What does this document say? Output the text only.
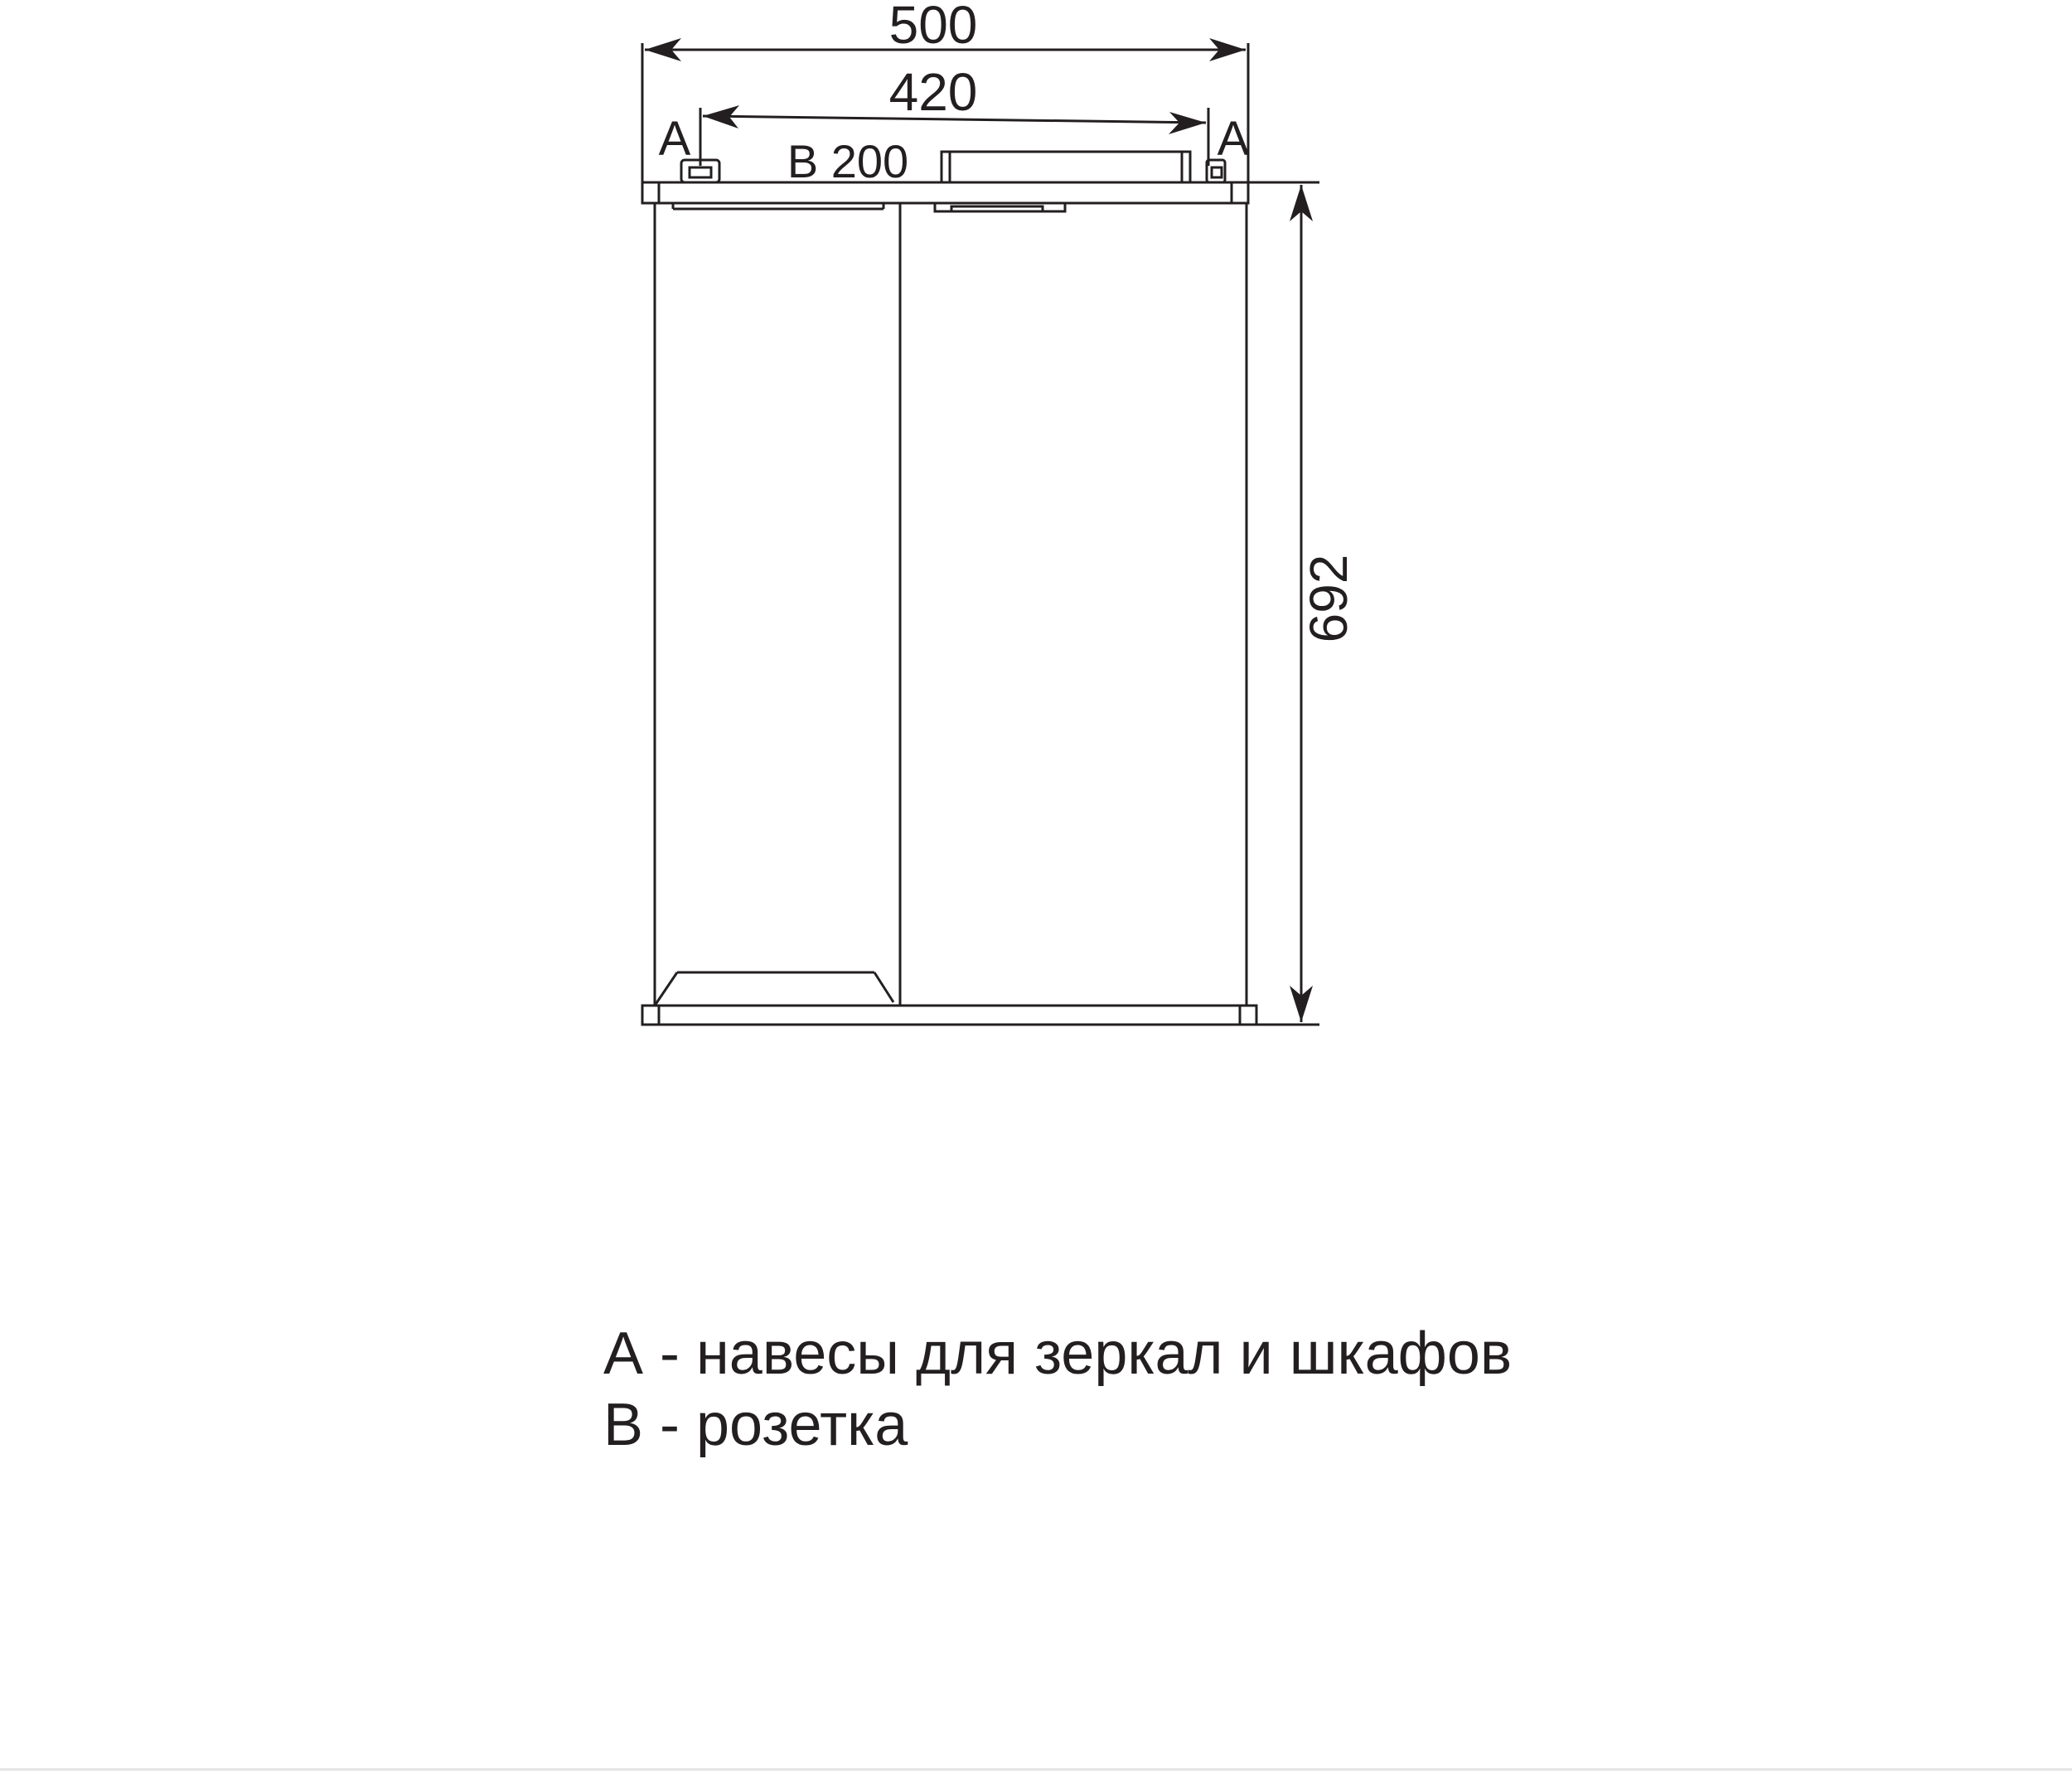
500
420
A	A
B 200
692
А - навесы для зеркал и шкафов
В - розетка
